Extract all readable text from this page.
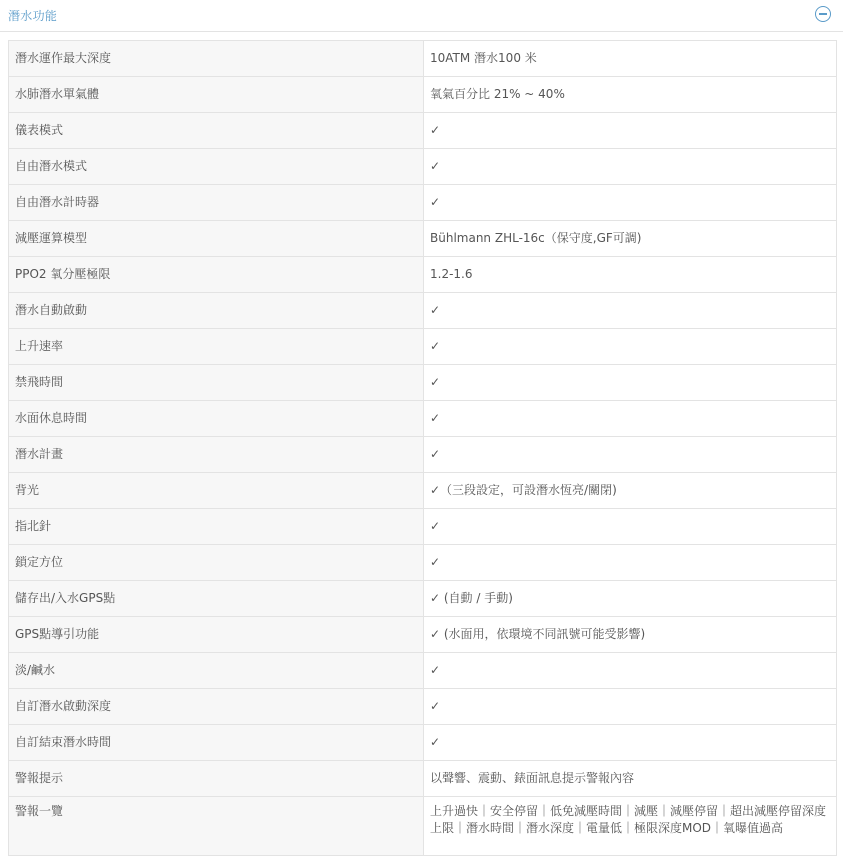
潛水功能
潛水運作最大深度	10ATM 潛水100 米
水肺潛水單氣體	氧氣百分比 21% ~ 40%
儀表模式	✓
自由潛水模式	✓
自由潛水計時器	✓
減壓運算模型	Bühlmann ZHL-16c（保守度,GF可調)
PPO2 氧分壓極限	1.2-1.6
潛水自動啟動	✓
上升速率	✓
禁飛時間	✓
水面休息時間	✓
潛水計畫	✓
背光	✓（三段設定，可設潛水恆亮/關閉)
指北針	✓
鎖定方位	✓
儲存出/入水GPS點	✓ (自動 / 手動)
GPS點導引功能	✓ (水面用，依環境不同訊號可能受影響)
淡/鹹水	✓
自訂潛水啟動深度	✓
自訂結束潛水時間	✓
警報提示	以聲響、震動、錶面訊息提示警報內容
警報一覽	上升過快｜安全停留｜低免減壓時間｜減壓｜減壓停留｜超出減壓停留深度上限｜潛水時間｜潛水深度｜電量低｜極限深度MOD｜氧曝值過高
